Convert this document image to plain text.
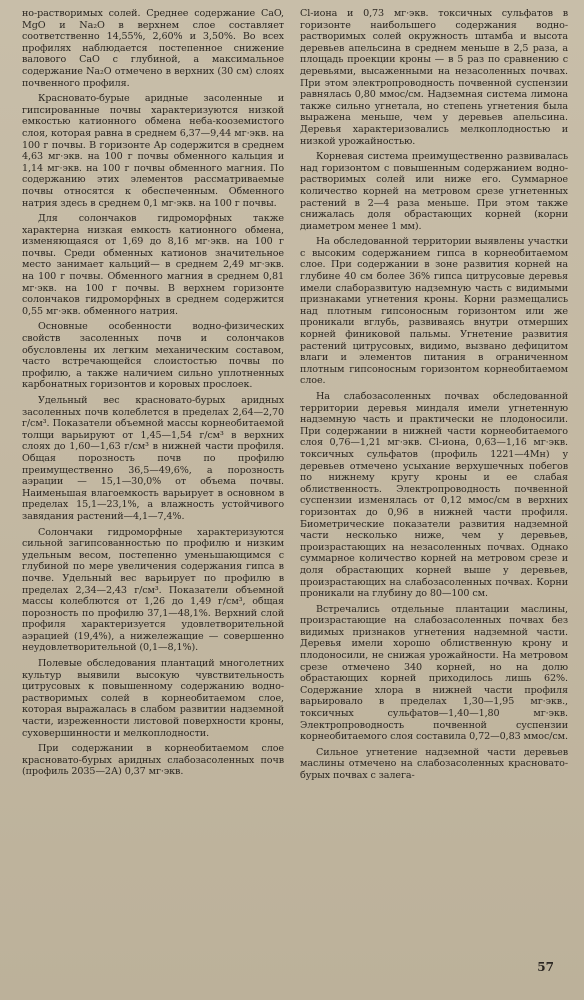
но-растворимых солей. Среднее содержание CaO, MgO и Na₂O в верхнем слое составляет соответственно 14,55%, 2,60% и 3,50%. Во всех профилях наблюдается постепенное снижение валового CaO с глубиной, а максимальное содержание Na₂O отмечено в верхних (30 см) слоях почвенного профиля.

Красновато-бурые аридные засоленные и гипсированные почвы характеризуются низкой емкостью катионного обмена неба-кооземистого слоя, которая равна в среднем 6,37—9,44 мг·экв. на 100 г почвы. В горизонте Ар содержится в среднем 4,63 мг·экв. на 100 г почвы обменного кальция и 1,14 мг·экв. на 100 г почвы обменного магния. По содержанию этих элементов рассматриваемые почвы относятся к обеспеченным. Обменного натрия здесь в среднем 0,1 мг·экв. на 100 г почвы.

Для солончаков гидроморфных также характерна низкая емкость катионного обмена, изменяющаяся от 1,69 до 8,16 мг·экв. на 100 г почвы. Среди обменных катионов значительное место занимает кальций— в среднем 2,49 мг·экв. на 100 г почвы. Обменного магния в среднем 0,81 мг·экв. на 100 г почвы. В верхнем горизонте солончаков гидроморфных в среднем содержится 0,55 мг·экв. обменного натрия.

Основные особенности водно-физических свойств засоленных почв и солончаков обусловлены их легким механическим составом, часто встречающейся слоистостью почвы по профилю, а также наличием сильно уплотненных карбонатных горизонтов и коровых прослоек.

Удельный вес красновато-бурых аридных засоленных почв колеблется в пределах 2,64—2,70 г/см³. Показатели объемной массы корнеобитаемой толщи варьируют от 1,45—1,54 г/см³ в верхних слоях до 1,60—1,63 г/см³ в нижней части профиля. Общая порозность почв по профилю преимущественно 36,5—49,6%, а порозность аэрации — 15,1—30,0% от объема почвы. Наименьшая влагоемкость варьирует в основном в пределах 15,1—23,1%, а влажность устойчивого завядания растений—4,1—7,4%.

Солончаки гидроморфные характеризуются сильной загипсованностью по профилю и низким удельным весом, постепенно уменьшающимся с глубиной по мере увеличения содержания гипса в почве. Удельный вес варьирует по профилю в пределах 2,34—2,43 г/см³. Показатели объемной массы колеблются от 1,26 до 1,49 г/см³, общая порозность по профилю 37,1—48,1%. Верхний слой профиля характеризуется удовлетворительной аэрацией (19,4%), а нижележащие — совершенно неудовлетворительной (0,1—8,1%).

Полевые обследования плантаций многолетних культур выявили высокую чувствительность цитрусовых к повышенному содержанию водно-растворимых солей в корнеобитаемом слое, которая выражалась в слабом развитии надземной части, изреженности листовой поверхности кроны, суховершинности и мелкоплодности.

При содержании в корнеобитаемом слое красновато-бурых аридных слабозасоленных почв (профиль 2035—2А) 0,37 мг·экв.

Cl-иона и 0,73 мг·экв. токсичных сульфатов в горизонте наибольшего содержания водно-растворимых солей окружность штамба и высота деревьев апельсина в среднем меньше в 2,5 раза, а площадь проекции кроны — в 5 раз по сравнению с деревьями, высаженными на незасоленных почвах. При этом электропроводность почвенной суспензии равнялась 0,80 ммос/см. Надземная система лимона также сильно угнетала, но степень угнетения была выражена меньше, чем у деревьев апельсина. Деревья характеризовались мелкоплодностью и низкой урожайностью.

Корневая система преимущественно развивалась над горизонтом с повышенным содержанием водно-растворимых солей или ниже его. Суммарное количество корней на метровом срезе угнетенных растений в 2—4 раза меньше. При этом также снижалась доля обрастающих корней (корни диаметром менее 1 мм).

На обследованной территории выявлены участки с высоким содержанием гипса в корнеобитаемом слое. При содержании в зоне развития корней на глубине 40 см более 36% гипса цитрусовые деревья имели слаборазвитую надземную часть с видимыми признаками угнетения кроны. Корни размещались над плотным гипсоносным горизонтом или же проникали вглубь, развиваясь внутри отмерших корней финиковой пальмы. Угнетение развития растений цитрусовых, видимо, вызвано дефицитом влаги и элементов питания в ограниченном плотным гипсоносным горизонтом корнеобитаемом слое.

На слабозасоленных почвах обследованной территории деревья миндаля имели угнетенную надземную часть и практически не плодоносили. При содержании в нижней части корнеобитаемого слоя 0,76—1,21 мг·экв. Cl-иона, 0,63—1,16 мг·экв. токсичных сульфатов (профиль 1221—4Мн) у деревьев отмечено усыхание верхушечных побегов по нижнему кругу кроны и ее слабая облиственность. Электропроводность почвенной суспензии изменялась от 0,12 ммос/см в верхних горизонтах до 0,96 в нижней части профиля. Биометрические показатели развития надземной части несколько ниже, чем у деревьев, произрастающих на незасоленных почвах. Однако суммарное количество корней на метровом срезе и доля обрастающих корней выше у деревьев, произрастающих на слабозасоленных почвах. Корни проникали на глубину до 80—100 см.

Встречались отдельные плантации маслины, произрастающие на слабозасоленных почвах без видимых признаков угнетения надземной части. Деревья имели хорошо облиственную крону и плодоносили, не снижая урожайности. На метровом срезе отмечено 340 корней, но на долю обрастающих корней приходилось лишь 62%. Содержание хлора в нижней части профиля варьировало в пределах 1,30—1,95 мг·экв., токсичных сульфатов—1,40—1,80 мг·экв. Электропроводность почвенной суспензии корнеобитаемого слоя составила 0,72—0,83 ммос/см.

Сильное угнетение надземной части деревьев маслины отмечено на слабозасоленных красновато-бурых почвах с залега-

57
